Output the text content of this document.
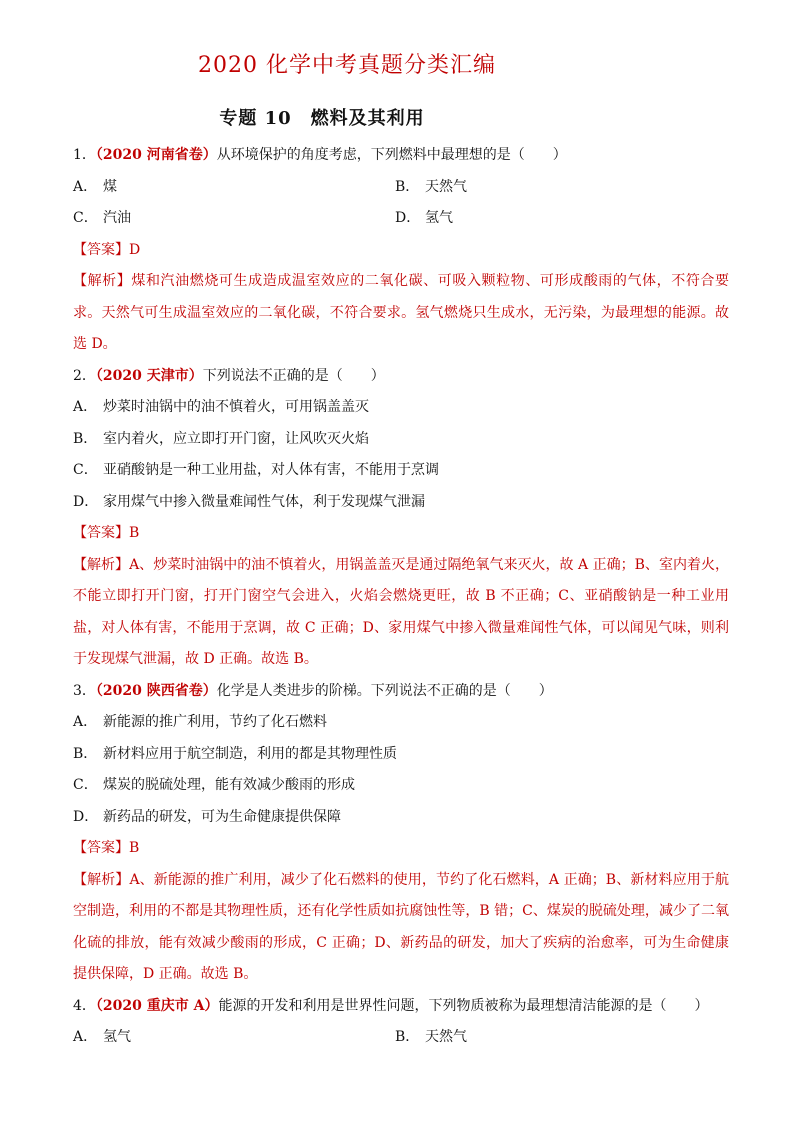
2020 化学中考真题分类汇编
专题 10　燃料及其利用
1．（2020 河南省卷）从环境保护的角度考虑，下列燃料中最理想的是（　　）
A． 煤	B． 天然气
C． 汽油	D． 氢气
【答案】D
【解析】煤和汽油燃烧可生成造成温室效应的二氧化碳、可吸入颗粒物、可形成酸雨的气体，不符合要求。天然气可生成温室效应的二氧化碳，不符合要求。氢气燃烧只生成水，无污染，为最理想的能源。故选 D。
2．（2020 天津市）下列说法不正确的是（　　）
A． 炒菜时油锅中的油不慎着火，可用锅盖盖灭
B． 室内着火，应立即打开门窗，让风吹灭火焰
C． 亚硝酸钠是一种工业用盐，对人体有害，不能用于烹调
D． 家用煤气中掺入微量难闻性气体，利于发现煤气泄漏
【答案】B
【解析】A、炒菜时油锅中的油不慎着火，用锅盖盖灭是通过隔绝氧气来灭火，故 A 正确；B、室内着火，不能立即打开门窗，打开门窗空气会进入，火焰会燃烧更旺，故 B 不正确；C、亚硝酸钠是一种工业用盐，对人体有害，不能用于烹调，故 C 正确；D、家用煤气中掺入微量难闻性气体，可以闻见气味，则利于发现煤气泄漏，故 D 正确。故选 B。
3．（2020 陕西省卷）化学是人类进步的阶梯。下列说法不正确的是（　　）
A． 新能源的推广利用，节约了化石燃料
B． 新材料应用于航空制造，利用的都是其物理性质
C． 煤炭的脱硫处理，能有效减少酸雨的形成
D． 新药品的研发，可为生命健康提供保障
【答案】B
【解析】A、新能源的推广利用，减少了化石燃料的使用，节约了化石燃料，A 正确；B、新材料应用于航空制造，利用的不都是其物理性质，还有化学性质如抗腐蚀性等，B 错；C、煤炭的脱硫处理，减少了二氧化硫的排放，能有效减少酸雨的形成，C 正确；D、新药品的研发，加大了疾病的治愈率，可为生命健康提供保障，D 正确。故选 B。
4．（2020 重庆市 A）能源的开发和利用是世界性问题，下列物质被称为最理想清洁能源的是（　　）
A． 氢气	B． 天然气
